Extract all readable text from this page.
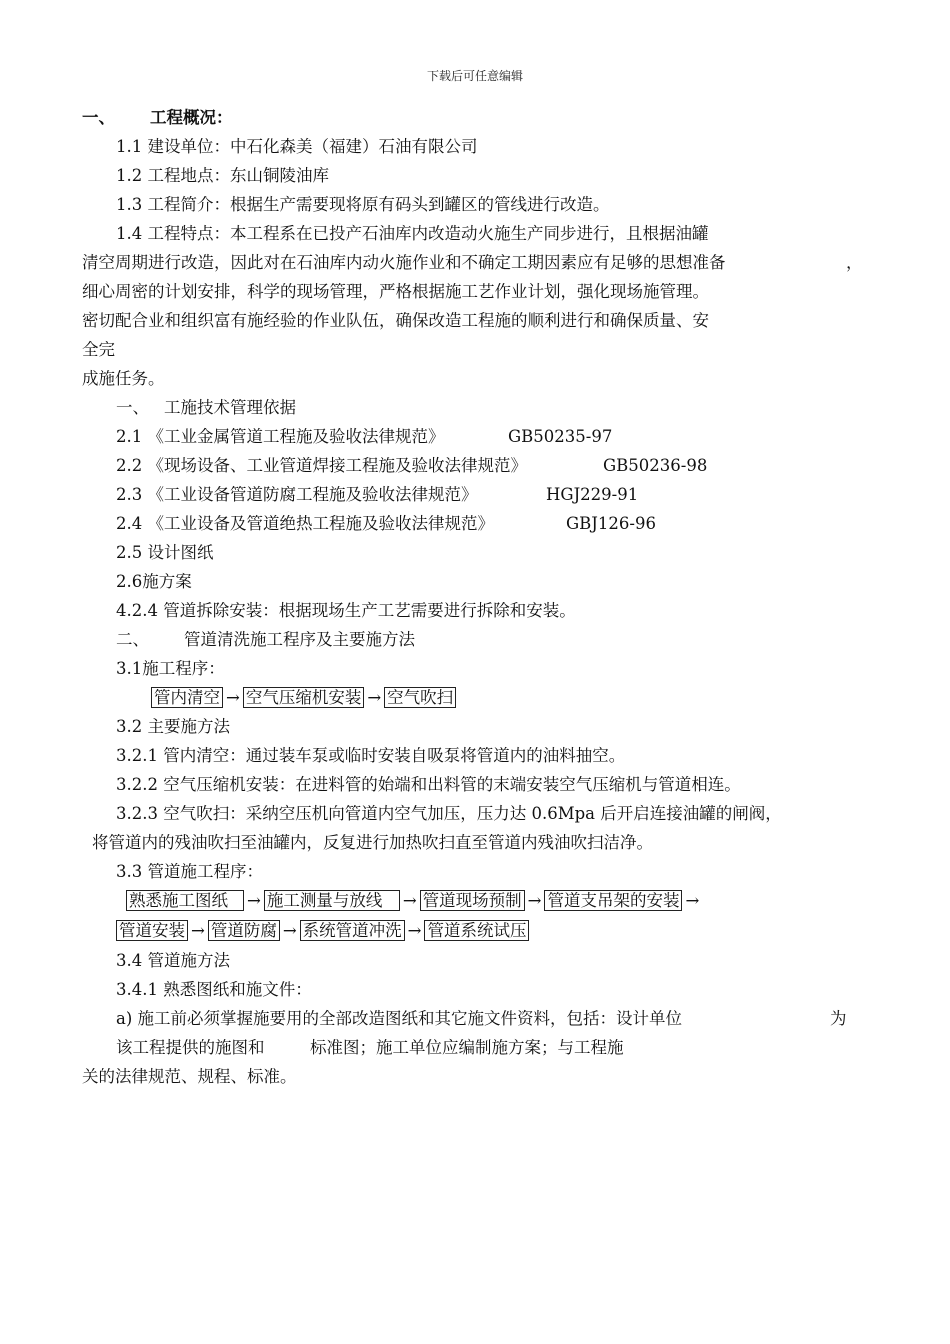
下载后可任意编辑
一、 工程概况：
1.1 建设单位：中石化森美（福建）石油有限公司
1.2 工程地点：东山铜陵油库
1.3 工程简介：根据生产需要现将原有码头到罐区的管线进行改造。
1.4 工程特点：本工程系在已投产石油库内改造动火施生产同步进行，且根据油罐
清空周期进行改造，因此对在石油库内动火施作业和不确定工期因素应有足够的思想准备	，
细心周密的计划安排，科学的现场管理，严格根据施工艺作业计划，强化现场施管理。
密切配合业和组织富有施经验的作业队伍，确保改造工程施的顺利进行和确保质量、安
全完
成施任务。
一、 工施技术管理依据
2.1 《工业金属管道工程施及验收法律规范》	GB50235-97
2.2 《现场设备、工业管道焊接工程施及验收法律规范》	GB50236-98
2.3 《工业设备管道防腐工程施及验收法律规范》	HGJ229-91
2.4 《工业设备及管道绝热工程施及验收法律规范》	GBJ126-96
2.5 设计图纸
2.6施方案
4.2.4 管道拆除安装：根据现场生产工艺需要进行拆除和安装。
二、 管道清洗施工程序及主要施方法
3.1施工程序：
管内清空 → 空气压缩机安装 → 空气吹扫
3.2 主要施方法
3.2.1 管内清空：通过装车泵或临时安装自吸泵将管道内的油料抽空。
3.2.2 空气压缩机安装：在进料管的始端和出料管的末端安装空气压缩机与管道相连。
3.2.3 空气吹扫：采纳空压机向管道内空气加压，压力达 0.6Mpa 后开启连接油罐的闸阀，
将管道内的残油吹扫至油罐内，反复进行加热吹扫直至管道内残油吹扫洁净。
3.3 管道施工程序：
熟悉施工图纸 → 施工测量与放线 → 管道现场预制 → 管道支吊架的安装 →
管道安装 → 管道防腐 → 系统管道冲洗 → 管道系统试压
3.4 管道施方法
3.4.1 熟悉图纸和施文件：
a) 施工前必须掌握施要用的全部改造图纸和其它施文件资料，包括：设计单位	为
该工程提供的施图和	标准图；施工单位应编制施方案；与工程施
关的法律规范、规程、标准。
